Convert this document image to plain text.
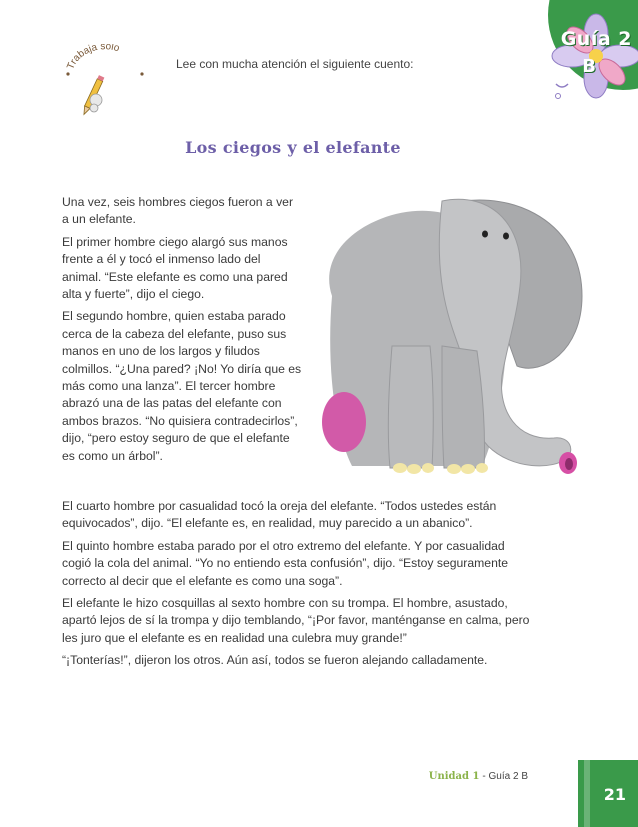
Guía 2
B
Trabaja solo
Lee con mucha atención el siguiente cuento:
Los ciegos y el elefante

Una vez, seis hombres ciegos fueron a ver a un elefante.

El primer hombre ciego alargó sus manos frente a él y tocó el inmenso lado del animal. “Este elefante es como una pared alta y fuerte”, dijo el ciego.

El segundo hombre, quien estaba parado cerca de la cabeza del elefante, puso sus manos en uno de los largos y filudos colmillos. “¿Una pared? ¡No! Yo diría que es más como una lanza”. El tercer hombre abrazó una de las patas del elefante con ambos brazos. “No quisiera contradecirlos”, dijo, “pero estoy seguro de que el elefante es como un árbol”.

El cuarto hombre por casualidad tocó la oreja del elefante. “Todos ustedes están equivocados”, dijo. “El elefante es, en realidad, muy parecido a un abanico”.

El quinto hombre estaba parado por el otro extremo del elefante. Y por casualidad cogió la cola del animal. “Yo no entiendo esta confusión”, dijo. “Estoy seguramente correcto al decir que el elefante es como una soga”.

El elefante le hizo cosquillas al sexto hombre con su trompa. El hombre, asustado, apartó lejos de sí la trompa y dijo temblando, “¡Por favor, manténganse en calma, pero les juro que el elefante es en realidad una culebra muy grande!”

“¡Tonterías!”, dijeron los otros. Aún así, todos se fueron alejando calladamente.

Unidad 1 - Guía 2 B
21
